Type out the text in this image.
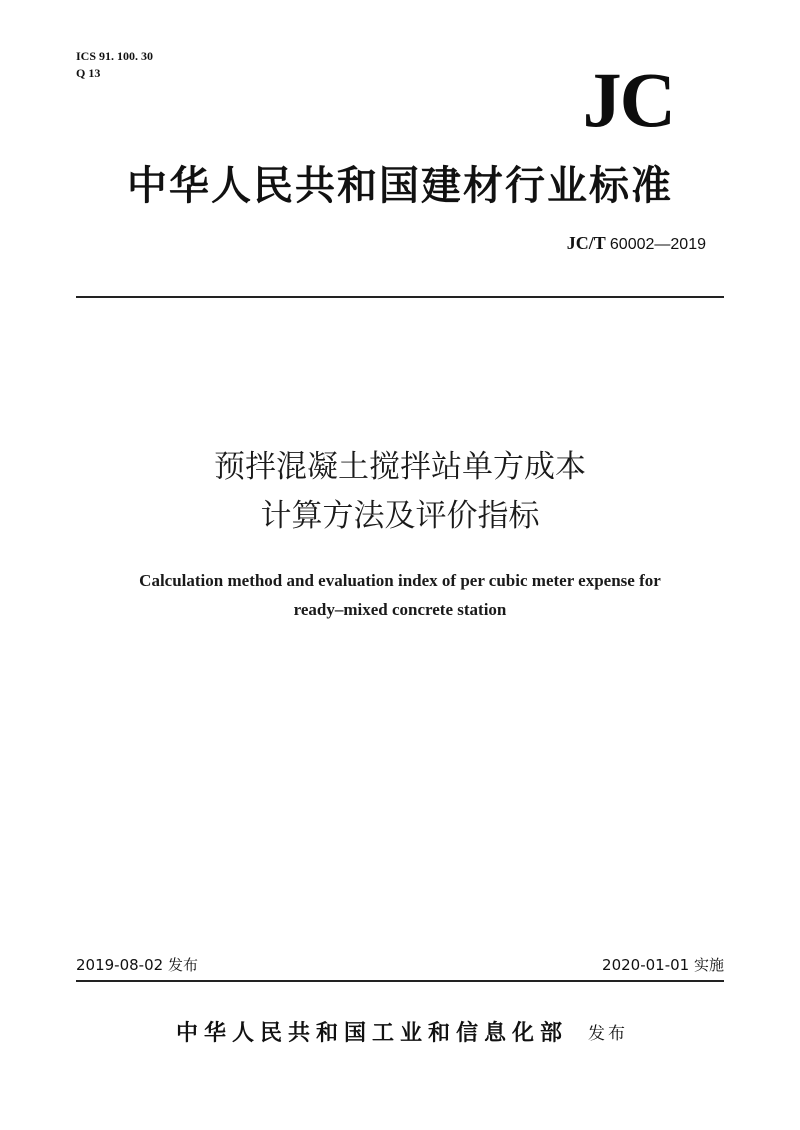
ICS 91. 100. 30
Q 13	JC
中华人民共和国建材行业标准
JC/T 60002—2019
预拌混凝土搅拌站单方成本
计算方法及评价指标
Calculation method and evaluation index of per cubic meter expense for
ready–mixed concrete station
2019-08-02 发布	2020-01-01 实施
中华人民共和国工业和信息化部 发布
